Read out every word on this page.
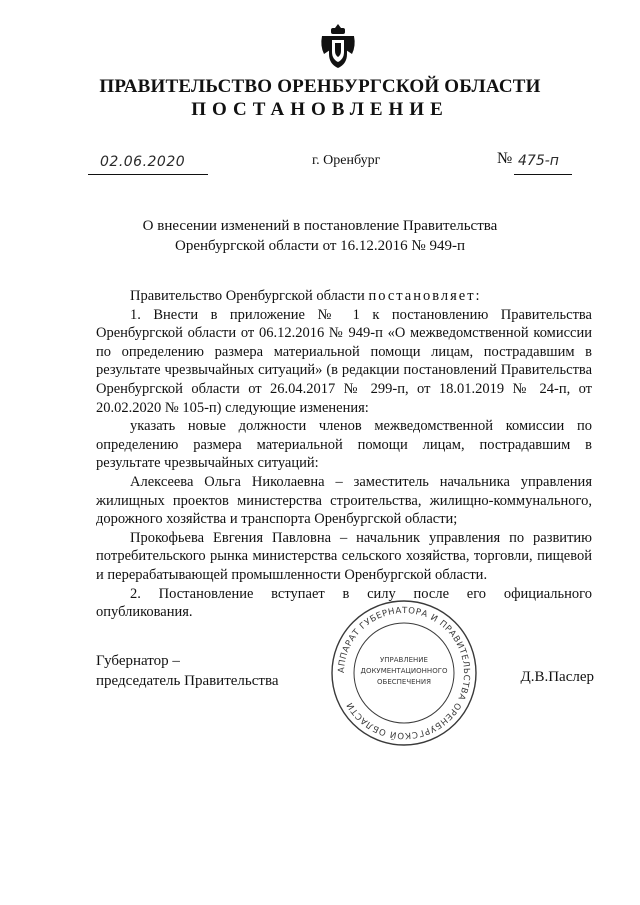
ПРАВИТЕЛЬСТВО ОРЕНБУРГСКОЙ ОБЛАСТИ
ПОСТАНОВЛЕНИЕ
02.06.2020	г. Оренбург	№ 475-п
О внесении изменений в постановление Правительства
Оренбургской области от 16.12.2016 № 949-п

Правительство Оренбургской области постановляет:

1. Внести в приложение № 1 к постановлению Правительства Оренбургской области от 06.12.2016 № 949-п «О межведомственной комиссии по определению размера материальной помощи лицам, пострадавшим в результате чрезвычайных ситуаций» (в редакции постановлений Правительства Оренбургской области от 26.04.2017 № 299-п, от 18.01.2019 № 24-п, от 20.02.2020 № 105-п) следующие изменения:

указать новые должности членов межведомственной комиссии по определению размера материальной помощи лицам, пострадавшим в результате чрезвычайных ситуаций:

Алексеева Ольга Николаевна – заместитель начальника управления жилищных проектов министерства строительства, жилищно-коммунального, дорожного хозяйства и транспорта Оренбургской области;

Прокофьева Евгения Павловна – начальник управления по развитию потребительского рынка министерства сельского хозяйства, торговли, пищевой и перерабатывающей промышленности Оренбургской области.

2. Постановление вступает в силу после его официального опубликования.

Губернатор –
председатель Правительства	Д.В.Паслер
АППАРАТ ГУБЕРНАТОРА И ПРАВИТЕЛЬСТВА ОРЕНБУРГСКОЙ ОБЛАСТИ
УПРАВЛЕНИЕ
ДОКУМЕНТАЦИОННОГО
ОБЕСПЕЧЕНИЯ
